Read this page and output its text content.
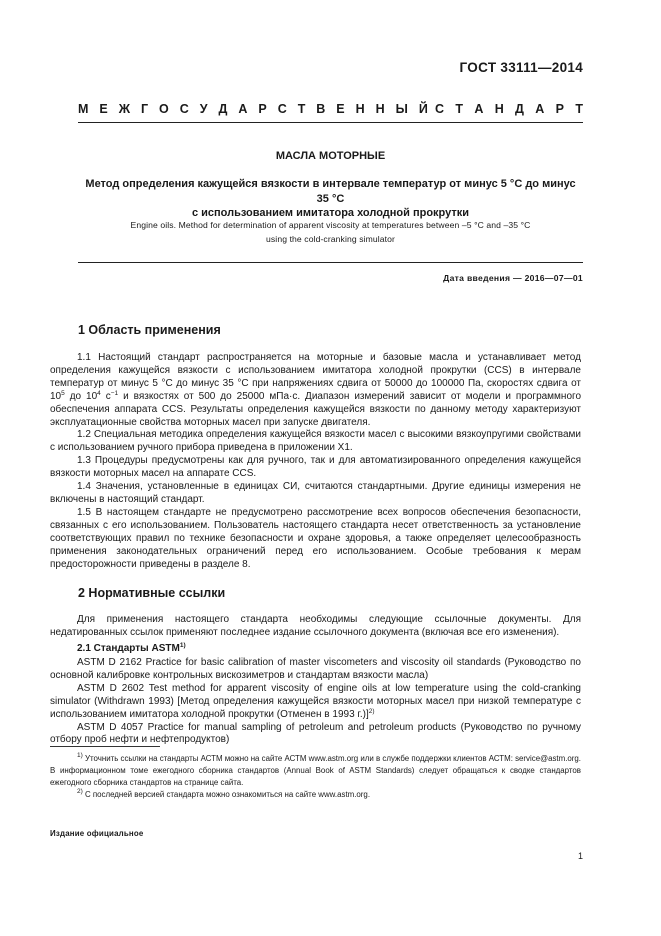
ГОСТ 33111—2014
М Е Ж Г О С У Д А Р С Т В Е Н Н Ы Й С Т А Н Д А Р Т
МАСЛА МОТОРНЫЕ
Метод определения кажущейся вязкости в интервале температур от минус 5 °С до минус 35 °С
с использованием имитатора холодной прокрутки
Engine oils. Method for determination of apparent viscosity at temperatures between –5 °C and –35 °C
using the cold-cranking simulator
Дата введения — 2016—07—01
1 Область применения

1.1 Настоящий стандарт распространяется на моторные и базовые масла и устанавливает метод определения кажущейся вязкости с использованием имитатора холодной прокрутки (CCS) в интервале температур от минус 5 °С до минус 35 °С при напряжениях сдвига от 50000 до 100000 Па, скоростях сдвига от $10^5$ до $10^4$ $с^{-1}$ и вязкостях от 500 до 25000 мПа·с. Диапазон измерений зависит от модели и программного обеспечения аппарата CCS. Результаты определения кажущейся вязкости по данному методу характеризуют эксплуатационные свойства моторных масел при запуске двигателя.

1.2 Специальная методика определения кажущейся вязкости масел с высокими вязкоупругими свойствами с использованием ручного прибора приведена в приложении Х1.

1.3 Процедуры предусмотрены как для ручного, так и для автоматизированного определения кажущейся вязкости моторных масел на аппарате CCS.

1.4 Значения, установленные в единицах СИ, считаются стандартными. Другие единицы измерения не включены в настоящий стандарт.

1.5 В настоящем стандарте не предусмотрено рассмотрение всех вопросов обеспечения безопасности, связанных с его использованием. Пользователь настоящего стандарта несет ответственность за установление соответствующих правил по технике безопасности и охране здоровья, а также определяет целесообразность применения законодательных ограничений перед его использованием. Особые требования к мерам предосторожности приведены в разделе 8.

2 Нормативные ссылки

Для применения настоящего стандарта необходимы следующие ссылочные документы. Для недатированных ссылок применяют последнее издание ссылочного документа (включая все его изменения).

2.1 Стандарты ASTM$^{1)}$

ASTM D 2162 Practice for basic calibration of master viscometers and viscosity oil standards (Руководство по основной калибровке контрольных вискозиметров и стандартам вязкости масла)

ASTM D 2602 Test method for apparent viscosity of engine oils at low temperature using the cold-cranking simulator (Withdrawn 1993) [Метод определения кажущейся вязкости моторных масел при низкой температуре с использованием имитатора холодной прокрутки (Отменен в 1993 г.)]$^{2)}$

ASTM D 4057 Practice for manual sampling of petroleum and petroleum products (Руководство по ручному отбору проб нефти и нефтепродуктов)

$^{1)}$ Уточнить ссылки на стандарты АСТМ можно на сайте АСТМ www.astm.org или в службе поддержки клиентов АСТМ: service@astm.org. В информационном томе ежегодного сборника стандартов (Annual Book of ASTM Standards) следует обращаться к сводке стандартов ежегодного сборника стандартов на странице сайта.

$^{2)}$ С последней версией стандарта можно ознакомиться на сайте www.astm.org.

Издание официальное
1
